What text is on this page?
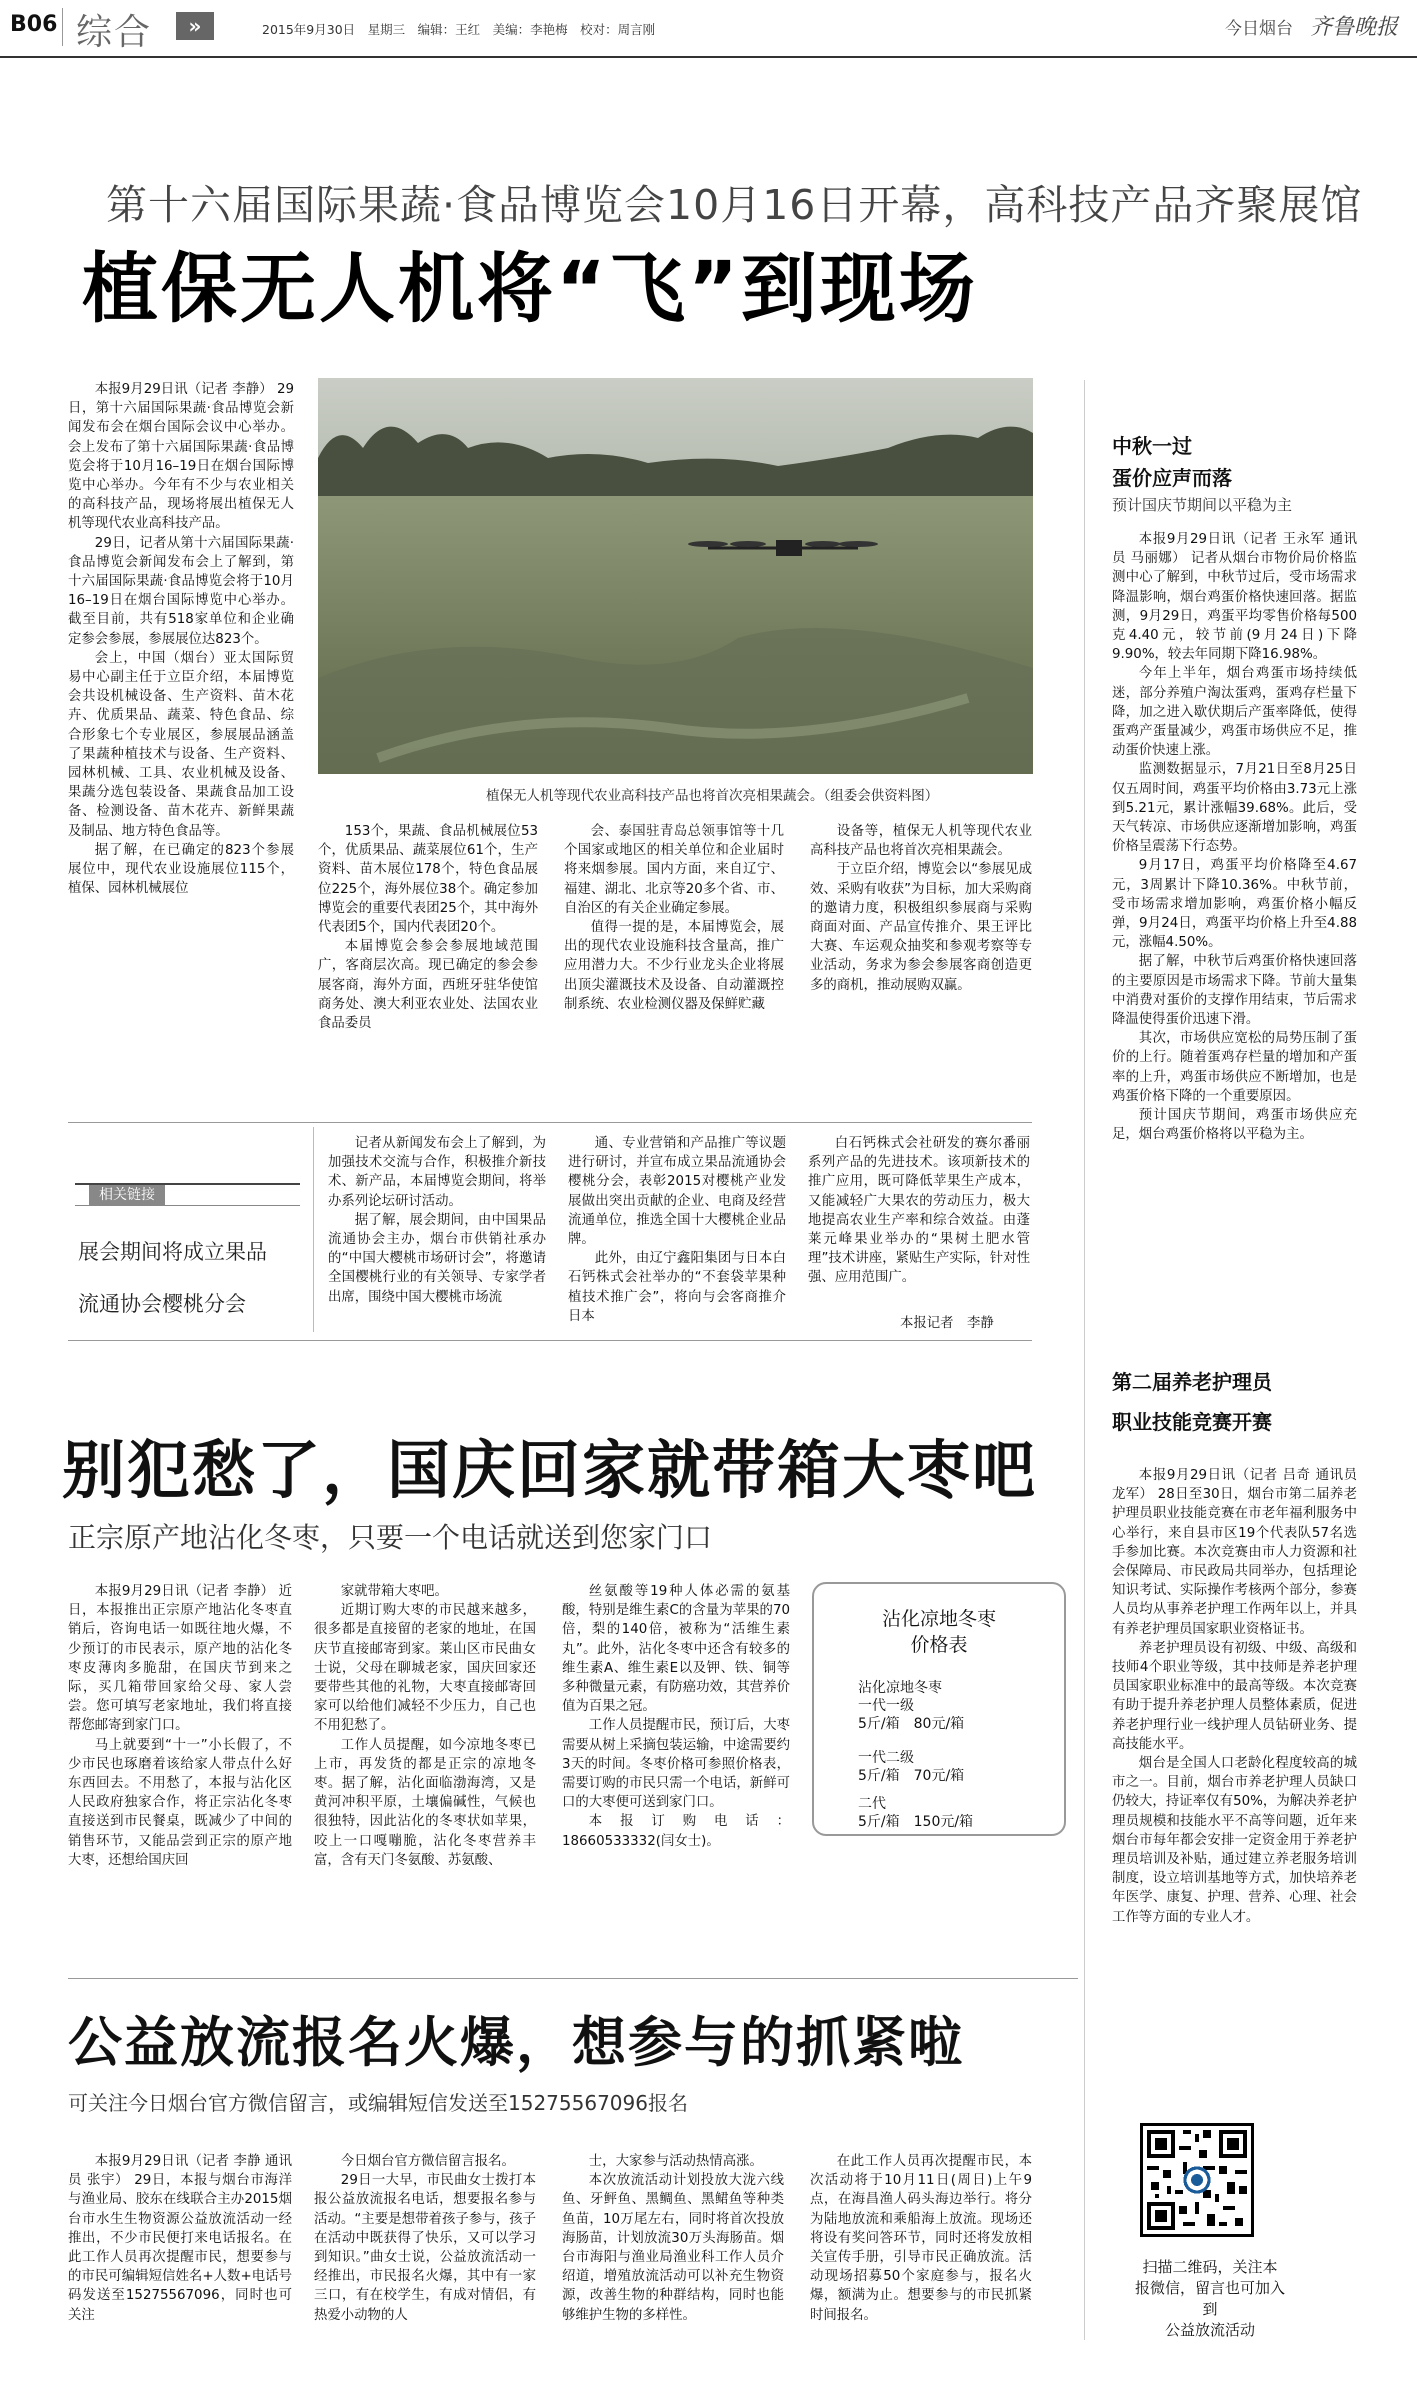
B06 综合	»	2015年9月30日　星期三　编辑：王红　美编：李艳梅　校对：周言刚	今日烟台 齐鲁晚报
第十六届国际果蔬·食品博览会10月16日开幕，高科技产品齐聚展馆
植保无人机将“飞”到现场
植保无人机等现代农业高科技产品也将首次亮相果蔬会。（组委会供资料图）

本报9月29日讯（记者 李静） 29日，第十六届国际果蔬·食品博览会新闻发布会在烟台国际会议中心举办。会上发布了第十六届国际果蔬·食品博览会将于10月16–19日在烟台国际博览中心举办。今年有不少与农业相关的高科技产品，现场将展出植保无人机等现代农业高科技产品。

29日，记者从第十六届国际果蔬·食品博览会新闻发布会上了解到，第十六届国际果蔬·食品博览会将于10月16–19日在烟台国际博览中心举办。截至目前，共有518家单位和企业确定参会参展，参展展位达823个。

会上，中国（烟台）亚太国际贸易中心副主任于立臣介绍，本届博览会共设机械设备、生产资料、苗木花卉、优质果品、蔬菜、特色食品、综合形象七个专业展区，参展展品涵盖了果蔬种植技术与设备、生产资料、园林机械、工具、农业机械及设备、果蔬分选包装设备、果蔬食品加工设备、检测设备、苗木花卉、新鲜果蔬及制品、地方特色食品等。

据了解，在已确定的823个参展展位中，现代农业设施展位115个，植保、园林机械展位

153个，果蔬、食品机械展位53个，优质果品、蔬菜展位61个，生产资料、苗木展位178个，特色食品展位225个，海外展位38个。确定参加博览会的重要代表团25个，其中海外代表团5个，国内代表团20个。

本届博览会参会参展地域范围广，客商层次高。现已确定的参会参展客商，海外方面，西班牙驻华使馆商务处、澳大利亚农业处、法国农业食品委员

会、泰国驻青岛总领事馆等十几个国家或地区的相关单位和企业届时将来烟参展。国内方面，来自辽宁、福建、湖北、北京等20多个省、市、自治区的有关企业确定参展。

值得一提的是，本届博览会，展出的现代农业设施科技含量高，推广应用潜力大。不少行业龙头企业将展出顶尖灌溉技术及设备、自动灌溉控制系统、农业检测仪器及保鲜贮藏

设备等，植保无人机等现代农业高科技产品也将首次亮相果蔬会。

于立臣介绍，博览会以“参展见成效、采购有收获”为目标，加大采购商的邀请力度，积极组织参展商与采购商面对面、产品宣传推介、果王评比大赛、车运观众抽奖和参观考察等专业活动，务求为参会参展客商创造更多的商机，推动展购双赢。

相关链接
展会期间将成立果品
流通协会樱桃分会

记者从新闻发布会上了解到，为加强技术交流与合作，积极推介新技术、新产品，本届博览会期间，将举办系列论坛研讨活动。

据了解，展会期间，由中国果品流通协会主办，烟台市供销社承办的“中国大樱桃市场研讨会”，将邀请全国樱桃行业的有关领导、专家学者出席，围绕中国大樱桃市场流

通、专业营销和产品推广等议题进行研讨，并宣布成立果品流通协会樱桃分会，表彰2015对樱桃产业发展做出突出贡献的企业、电商及经营流通单位，推选全国十大樱桃企业品牌。

此外，由辽宁鑫阳集团与日本白石钙株式会社举办的“不套袋苹果种植技术推广会”，将向与会客商推介日本

白石钙株式会社研发的赛尔番丽系列产品的先进技术。该项新技术的推广应用，既可降低苹果生产成本，又能减轻广大果农的劳动压力，极大地提高农业生产率和综合效益。由蓬莱元峰果业举办的“果树土肥水管理”技术讲座，紧贴生产实际，针对性强、应用范围广。

本报记者　李静
中秋一过
蛋价应声而落
预计国庆节期间以平稳为主

本报9月29日讯（记者 王永军 通讯员 马丽娜） 记者从烟台市物价局价格监测中心了解到，中秋节过后，受市场需求降温影响，烟台鸡蛋价格快速回落。据监测，9月29日，鸡蛋平均零售价格每500克4.40元，较节前(9月24日)下降9.90%，较去年同期下降16.98%。

今年上半年，烟台鸡蛋市场持续低迷，部分养殖户淘汰蛋鸡，蛋鸡存栏量下降，加之进入歇伏期后产蛋率降低，使得蛋鸡产蛋量减少，鸡蛋市场供应不足，推动蛋价快速上涨。

监测数据显示，7月21日至8月25日仅五周时间，鸡蛋平均价格由3.73元上涨到5.21元，累计涨幅39.68%。此后，受天气转凉、市场供应逐渐增加影响，鸡蛋价格呈震荡下行态势。

9月17日，鸡蛋平均价格降至4.67元，3周累计下降10.36%。中秋节前，受市场需求增加影响，鸡蛋价格小幅反弹，9月24日，鸡蛋平均价格上升至4.88元，涨幅4.50%。

据了解，中秋节后鸡蛋价格快速回落的主要原因是市场需求下降。节前大量集中消费对蛋价的支撑作用结束，节后需求降温使得蛋价迅速下滑。

其次，市场供应宽松的局势压制了蛋价的上行。随着蛋鸡存栏量的增加和产蛋率的上升，鸡蛋市场供应不断增加，也是鸡蛋价格下降的一个重要原因。

预计国庆节期间，鸡蛋市场供应充足，烟台鸡蛋价格将以平稳为主。

第二届养老护理员
职业技能竞赛开赛

本报9月29日讯（记者 吕奇 通讯员 龙军） 28日至30日，烟台市第二届养老护理员职业技能竞赛在市老年福利服务中心举行，来自县市区19个代表队57名选手参加比赛。本次竞赛由市人力资源和社会保障局、市民政局共同举办，包括理论知识考试、实际操作考核两个部分，参赛人员均从事养老护理工作两年以上，并具有养老护理员国家职业资格证书。

养老护理员设有初级、中级、高级和技师4个职业等级，其中技师是养老护理员国家职业标准中的最高等级。本次竞赛有助于提升养老护理人员整体素质，促进养老护理行业一线护理人员钻研业务、提高技能水平。

烟台是全国人口老龄化程度较高的城市之一。目前，烟台市养老护理人员缺口仍较大，持证率仅有50%，为解决养老护理员规模和技能水平不高等问题，近年来烟台市每年都会安排一定资金用于养老护理员培训及补贴，通过建立养老服务培训制度，设立培训基地等方式，加快培养老年医学、康复、护理、营养、心理、社会工作等方面的专业人才。

别犯愁了，国庆回家就带箱大枣吧
正宗原产地沾化冬枣，只要一个电话就送到您家门口

本报9月29日讯（记者 李静） 近日，本报推出正宗原产地沾化冬枣直销后，咨询电话一如既往地火爆，不少预订的市民表示，原产地的沾化冬枣皮薄肉多脆甜，在国庆节到来之际，买几箱带回家给父母、家人尝尝。您可填写老家地址，我们将直接帮您邮寄到家门口。

马上就要到“十一”小长假了，不少市民也琢磨着该给家人带点什么好东西回去。不用愁了，本报与沾化区人民政府独家合作，将正宗沾化冬枣直接送到市民餐桌，既减少了中间的销售环节，又能品尝到正宗的原产地大枣，还想给国庆回

家就带箱大枣吧。

近期订购大枣的市民越来越多，很多都是直接留的老家的地址，在国庆节直接邮寄到家。莱山区市民曲女士说，父母在聊城老家，国庆回家还要带些其他的礼物，大枣直接邮寄回家可以给他们减轻不少压力，自己也不用犯愁了。

工作人员提醒，如今凉地冬枣已上市，再发货的都是正宗的凉地冬枣。据了解，沾化面临渤海湾，又是黄河冲积平原，土壤偏碱性，气候也很独特，因此沾化的冬枣状如苹果，咬上一口嘎嘣脆，沾化冬枣营养丰富，含有天门冬氨酸、苏氨酸、

丝氨酸等19种人体必需的氨基酸，特别是维生素C的含量为苹果的70倍，梨的140倍，被称为“活维生素丸”。此外，沾化冬枣中还含有较多的维生素A、维生素E以及钾、铁、铜等多种微量元素，有防癌功效，其营养价值为百果之冠。

工作人员提醒市民，预订后，大枣需要从树上采摘包装运输，中途需要约3天的时间。冬枣价格可参照价格表，需要订购的市民只需一个电话，新鲜可口的大枣便可送到家门口。

本报订购电话：18660533332(闫女士)。

沾化凉地冬枣
价格表
沾化凉地冬枣
一代一级
5斤/箱　80元/箱
一代二级
5斤/箱　70元/箱
二代
5斤/箱　150元/箱
公益放流报名火爆，想参与的抓紧啦
可关注今日烟台官方微信留言，或编辑短信发送至15275567096报名

本报9月29日讯（记者 李静 通讯员 张宇） 29日，本报与烟台市海洋与渔业局、胶东在线联合主办2015烟台市水生生物资源公益放流活动一经推出，不少市民便打来电话报名。在此工作人员再次提醒市民，想要参与的市民可编辑短信姓名+人数+电话号码发送至15275567096，同时也可关注

今日烟台官方微信留言报名。

29日一大早，市民曲女士拨打本报公益放流报名电话，想要报名参与活动。“主要是想带着孩子参与，孩子在活动中既获得了快乐，又可以学习到知识。”曲女士说，公益放流活动一经推出，市民报名火爆，其中有一家三口，有在校学生，有成对情侣，有热爱小动物的人

士，大家参与活动热情高涨。

本次放流活动计划投放大泷六线鱼、牙鲆鱼、黑鲷鱼、黑鲪鱼等种类鱼苗，10万尾左右，同时将首次投放海肠苗，计划放流30万头海肠苗。烟台市海阳与渔业局渔业科工作人员介绍道，增殖放流活动可以补充生物资源，改善生物的种群结构，同时也能够维护生物的多样性。

在此工作人员再次提醒市民，本次活动将于10月11日(周日)上午9点，在海昌渔人码头海边举行。将分为陆地放流和乘船海上放流。现场还将设有奖问答环节，同时还将发放相关宣传手册，引导市民正确放流。活动现场招募50个家庭参与，报名火爆，额满为止。想要参与的市民抓紧时间报名。

扫描二维码，关注本
报微信，留言也可加入到
公益放流活动
